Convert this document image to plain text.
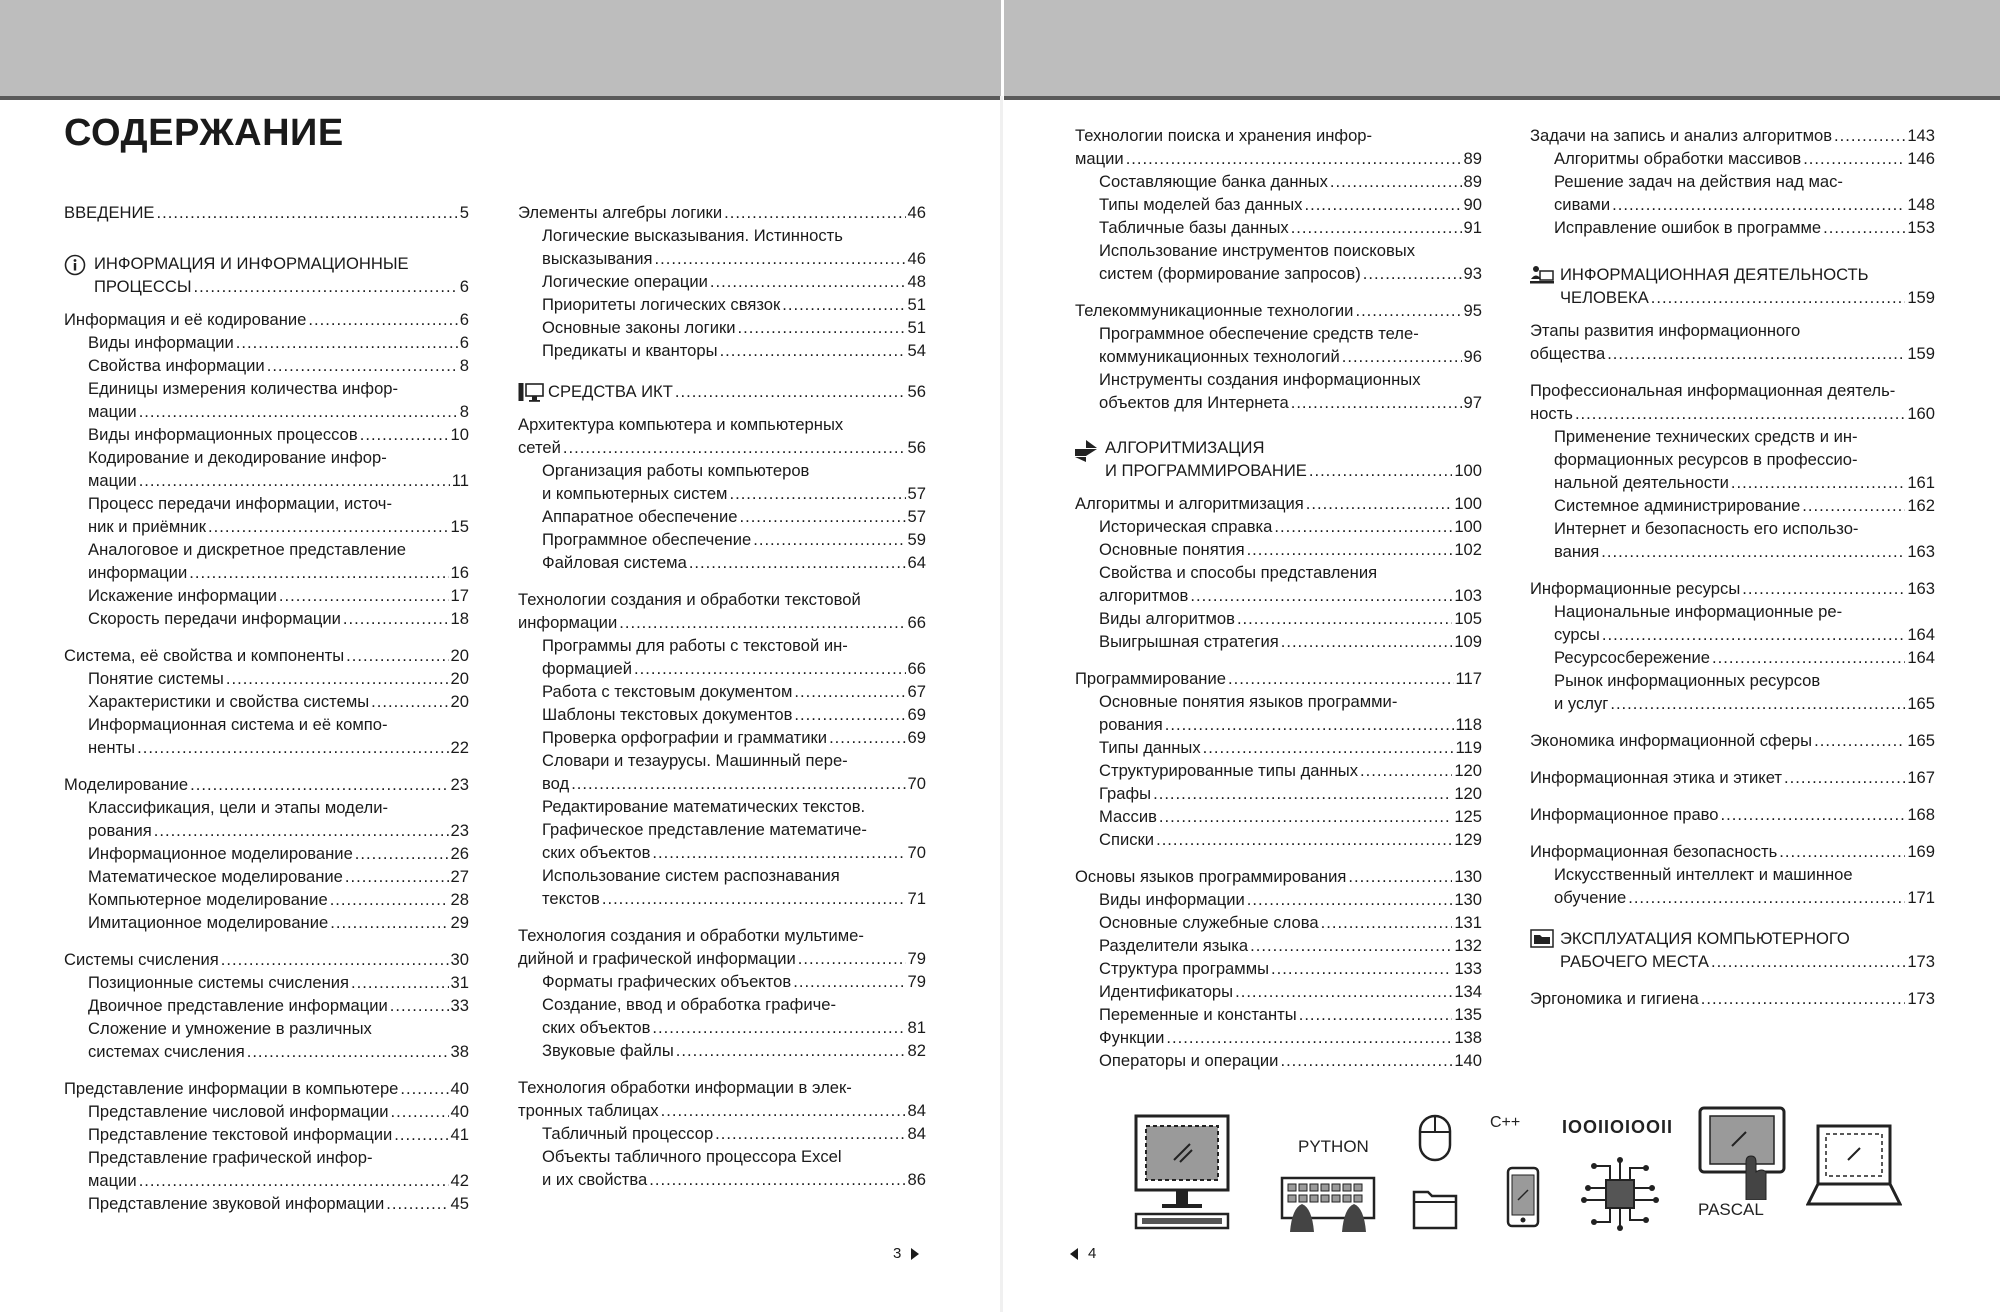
СОДЕРЖАНИЕ
ВВЕДЕНИЕ .....	5
ИНФОРМАЦИЯ И ИНФОРМАЦИОННЫЕ
ПРОЦЕССЫ .....	6
Информация и её кодирование .....	6
Виды информации .....	6
Свойства информации .....	8
Единицы измерения количества инфор-
мации .....	8
Виды информационных процессов .....	10
Кодирование и декодирование инфор-
мации .....	11
Процесс передачи информации, источ-
ник и приёмник .....	15
Аналоговое и дискретное представление
информации .....	16
Искажение информации .....	17
Скорость передачи информации .....	18
Система, её свойства и компоненты .....	20
Понятие системы .....	20
Характеристики и свойства системы .....	20
Информационная система и её компо-
ненты .....	22
Моделирование .....	23
Классификация, цели и этапы модели-
рования .....	23
Информационное моделирование .....	26
Математическое моделирование .....	27
Компьютерное моделирование .....	28
Имитационное моделирование .....	29
Системы счисления .....	30
Позиционные системы счисления .....	31
Двоичное представление информации .....	33
Сложение и умножение в различных
системах счисления .....	38
Представление информации в компьютере .....	40
Представление числовой информации .....	40
Представление текстовой информации .....	41
Представление графической инфор-
мации .....	42
Представление звуковой информации .....	45
Элементы алгебры логики .....	46
Логические высказывания. Истинность
высказывания .....	46
Логические операции .....	48
Приоритеты логических связок .....	51
Основные законы логики .....	51
Предикаты и кванторы .....	54
СРЕДСТВА ИКТ .....	56
Архитектура компьютера и компьютерных
сетей .....	56
Организация работы компьютеров
и компьютерных систем .....	57
Аппаратное обеспечение .....	57
Программное обеспечение .....	59
Файловая система .....	64
Технологии создания и обработки текстовой
информации .....	66
Программы для работы с текстовой ин-
формацией .....	66
Работа с текстовым документом .....	67
Шаблоны текстовых документов .....	69
Проверка орфографии и грамматики .....	69
Словари и тезаурусы. Машинный пере-
вод .....	70
Редактирование математических текстов.
Графическое представление математиче-
ских объектов .....	70
Использование систем распознавания
текстов .....	71
Технология создания и обработки мультиме-
дийной и графической информации .....	79
Форматы графических объектов .....	79
Создание, ввод и обработка графиче-
ских объектов .....	81
Звуковые файлы .....	82
Технология обработки информации в элек-
тронных таблицах .....	84
Табличный процессор .....	84
Объекты табличного процессора Excel
и их свойства .....	86
Технологии поиска и хранения инфор-
мации .....	89
Составляющие банка данных .....	89
Типы моделей баз данных .....	90
Табличные базы данных .....	91
Использование инструментов поисковых
систем (формирование запросов) .....	93
Телекоммуникационные технологии .....	95
Программное обеспечение средств теле-
коммуникационных технологий .....	96
Инструменты создания информационных
объектов для Интернета .....	97
АЛГОРИТМИЗАЦИЯ
И ПРОГРАММИРОВАНИЕ .....	100
Алгоритмы и алгоритмизация .....	100
Историческая справка .....	100
Основные понятия .....	102
Свойства и способы представления
алгоритмов .....	103
Виды алгоритмов .....	105
Выигрышная стратегия .....	109
Программирование .....	117
Основные понятия языков программи-
рования .....	118
Типы данных .....	119
Структурированные типы данных .....	120
Графы .....	120
Массив .....	125
Списки .....	129
Основы языков программирования .....	130
Виды информации .....	130
Основные служебные слова .....	131
Разделители языка .....	132
Структура программы .....	133
Идентификаторы .....	134
Переменные и константы .....	135
Функции .....	138
Операторы и операции .....	140
Задачи на запись и анализ алгоритмов .....	143
Алгоритмы обработки массивов .....	146
Решение задач на действия над мас-
сивами .....	148
Исправление ошибок в программе .....	153
ИНФОРМАЦИОННАЯ ДЕЯТЕЛЬНОСТЬ
ЧЕЛОВЕКА .....	159
Этапы развития информационного
общества .....	159
Профессиональная информационная деятель-
ность .....	160
Применение технических средств и ин-
формационных ресурсов в профессио-
нальной деятельности .....	161
Системное администрирование .....	162
Интернет и безопасность его использо-
вания .....	163
Информационные ресурсы .....	163
Национальные информационные ре-
сурсы .....	164
Ресурсосбережение .....	164
Рынок информационных ресурсов
и услуг .....	165
Экономика информационной сферы .....	165
Информационная этика и этикет .....	167
Информационное право .....	168
Информационная безопасность .....	169
Искусственный интеллект и машинное
обучение .....	171
ЭКСПЛУАТАЦИЯ КОМПЬЮТЕРНОГО
РАБОЧЕГО МЕСТА .....	173
Эргономика и гигиена .....	173
3	4
PYTHON
C++ IOOIIOIOOII
PASCAL
